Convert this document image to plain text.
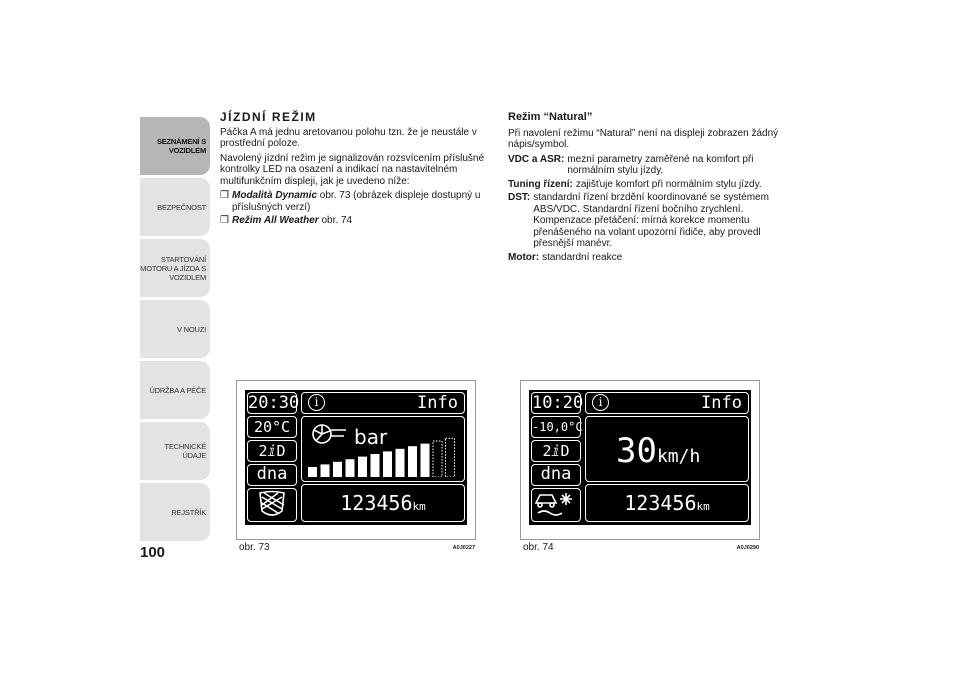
SEZNÁMENÍ S VOZIDLEM
BEZPEČNOST
STARTOVÁNÍ MOTORU A JÍZDA S VOZIDLEM
V NOUZI
ÚDRŽBA A PÉČE
TECHNICKÉ ÚDAJE
REJSTŘÍK
100
JÍZDNÍ REŽIM

Páčka A má jednu aretovanou polohu tzn. že je neustále v prostřední poloze.

Navolený jízdní režim je signalizován rozsvícením příslušné kontrolky LED na osazení a indikací na nastavitelném multifunkčním displeji, jak je uvedeno níže:

❒ Modalità Dynamic obr. 73 (obrázek displeje dostupný u příslušných verzí)
❒ Režim All Weather obr. 74
Režim “Natural”

Při navolení režimu “Natural” není na displeji zobrazen žádný nápis/symbol.

VDC a ASR: mezní parametry zaměřené na komfort při normálním stylu jízdy.
Tuning řízení: zajišťuje komfort při normálním stylu jízdy.
DST: standardní řízení brzdění koordinované se systémem ABS/VDC. Standardní řízení bočního zrychlení. Kompenzace přetáčení: mírná korekce momentu přenášeného na volant upozorní řidiče, aby provedl přesnější manévr.
Motor: standardní reakce
20:30
20°C
2ⅈD
dna
i	Info
bar
123456km
obr. 73	A0J0227
10:20
-10,0°C
2ⅈD
dna
i	Info
30km/h
123456km
obr. 74	A0J0290
